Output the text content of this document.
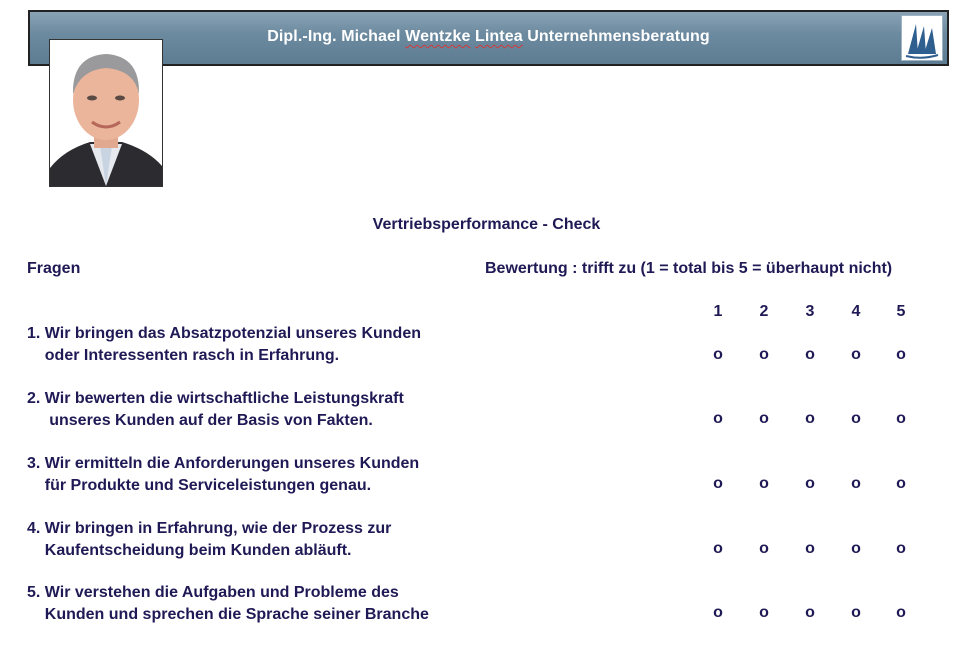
Dipl.-Ing. Michael Wentzke Lintea Unternehmensberatung
Vertriebsperformance - Check
Fragen	Bewertung : trifft zu (1 = total bis 5 = überhaupt nicht)
1	2	3	4	5
1. Wir bringen das Absatzpotenzial unseres Kunden
oder Interessenten rasch in Erfahrung.	o	o	o	o	o
2. Wir bewerten die wirtschaftliche Leistungskraft
unseres Kunden auf der Basis von Fakten.	o	o	o	o	o
3. Wir ermitteln die Anforderungen unseres Kunden
für Produkte und Serviceleistungen genau.	o	o	o	o	o
4. Wir bringen in Erfahrung, wie der Prozess zur
Kaufentscheidung beim Kunden abläuft.	o	o	o	o	o
5. Wir verstehen die Aufgaben und Probleme des
Kunden und sprechen die Sprache seiner Branche	o	o	o	o	o
